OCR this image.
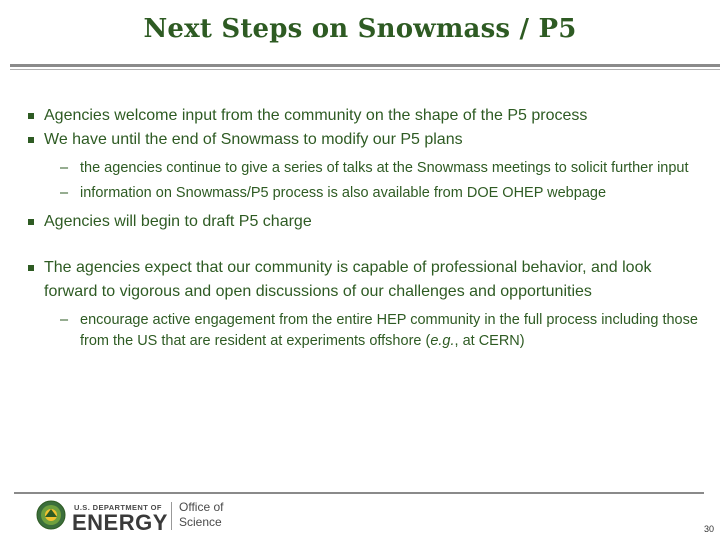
Next Steps on Snowmass / P5

Agencies welcome input from the community on the shape of the P5 process

We have until the end of Snowmass to modify our P5 plans

– the agencies continue to give a series of talks at the Snowmass meetings to solicit further input

– information on Snowmass/P5 process is also available from DOE OHEP webpage

Agencies will begin to draft P5 charge

The agencies expect that our community is capable of professional behavior, and look forward to vigorous and open discussions of our challenges and opportunities

– encourage active engagement from the entire HEP community in the full process including those from the US that are resident at experiments offshore (e.g., at CERN)

U.S. DEPARTMENT OF
ENERGY
Office of
Science	30
